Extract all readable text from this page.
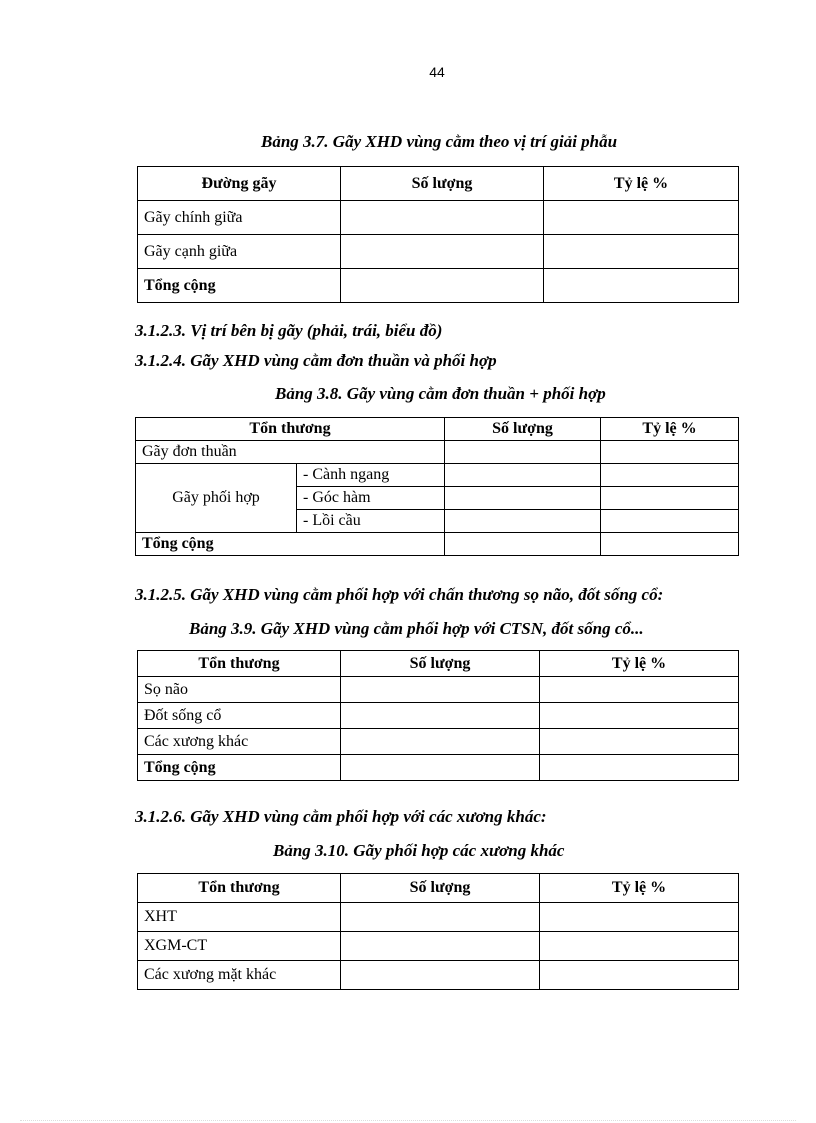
44
Bảng 3.7. Gãy XHD vùng cằm theo vị trí giải phẫu
Đường gãy	Số lượng	Tỷ lệ %
Gãy chính giữa		
Gãy cạnh giữa		
Tổng cộng		
3.1.2.3. Vị trí bên bị gãy (phải, trái, biểu đồ)
3.1.2.4. Gãy XHD vùng cằm đơn thuần và phối hợp
Bảng 3.8. Gãy vùng cằm đơn thuần + phối hợp
Tổn thương		Số lượng	Tỷ lệ %
Gãy đơn thuần			
Gãy phối hợp	- Cành ngang		
	- Góc hàm		
	- Lồi cầu		
Tổng cộng			
3.1.2.5. Gãy XHD vùng cằm phối hợp với chấn thương sọ não, đốt sống cổ:
Bảng 3.9. Gãy XHD vùng cằm phối hợp với CTSN, đốt sống cổ...
Tổn thương	Số lượng	Tỷ lệ %
Sọ não		
Đốt sống cổ		
Các xương khác		
Tổng cộng		
3.1.2.6. Gãy XHD vùng cằm phối hợp với các xương khác:
Bảng 3.10. Gãy phối hợp các xương khác
Tổn thương	Số lượng	Tỷ lệ %
XHT		
XGM-CT		
Các xương mặt khác		
